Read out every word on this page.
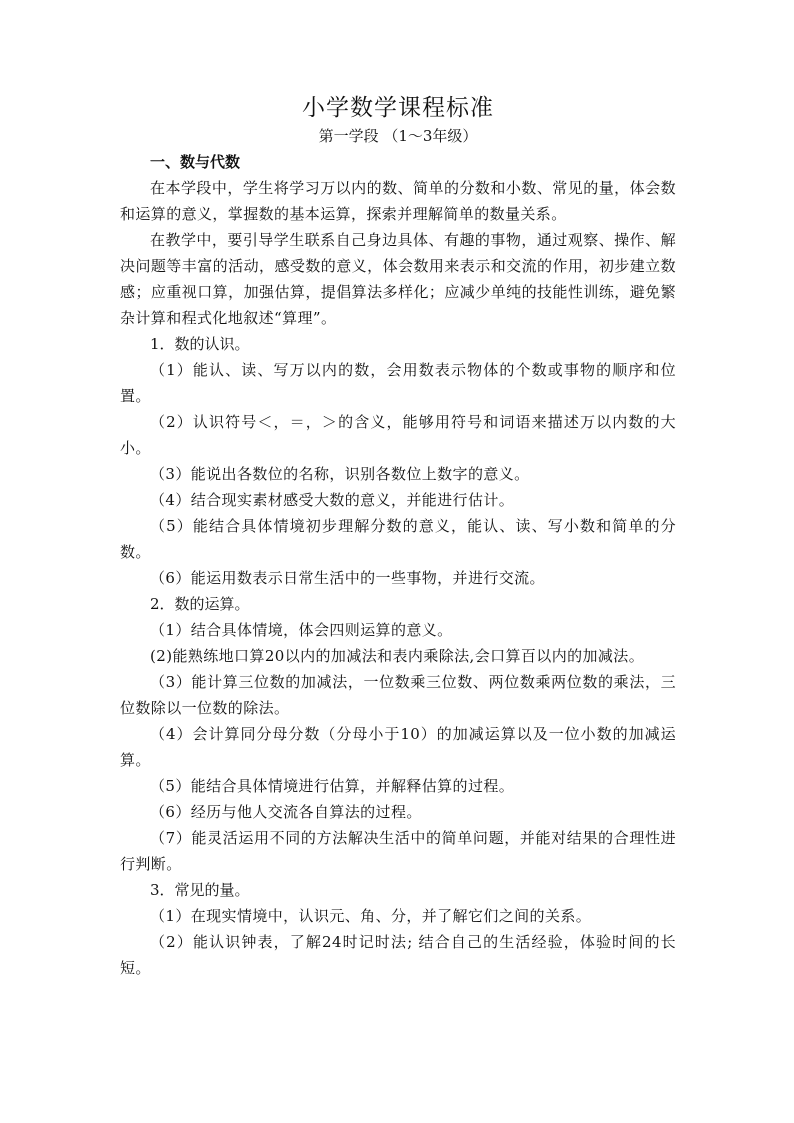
小学数学课程标准
第一学段 （1～3年级）
一、数与代数

在本学段中，学生将学习万以内的数、简单的分数和小数、常见的量，体会数和运算的意义，掌握数的基本运算，探索并理解简单的数量关系。

在教学中，要引导学生联系自己身边具体、有趣的事物，通过观察、操作、解决问题等丰富的活动，感受数的意义，体会数用来表示和交流的作用，初步建立数感；应重视口算，加强估算，提倡算法多样化；应减少单纯的技能性训练，避免繁杂计算和程式化地叙述“算理”。

1．数的认识。

（1）能认、读、写万以内的数，会用数表示物体的个数或事物的顺序和位置。

（2）认识符号＜，＝，＞的含义，能够用符号和词语来描述万以内数的大小。

（3）能说出各数位的名称，识别各数位上数字的意义。

（4）结合现实素材感受大数的意义，并能进行估计。

（5）能结合具体情境初步理解分数的意义，能认、读、写小数和简单的分数。

（6）能运用数表示日常生活中的一些事物，并进行交流。

2．数的运算。

（1）结合具体情境，体会四则运算的意义。

(2)能熟练地口算20以内的加减法和表内乘除法,会口算百以内的加减法。

（3）能计算三位数的加减法，一位数乘三位数、两位数乘两位数的乘法，三位数除以一位数的除法。

（4）会计算同分母分数（分母小于10）的加减运算以及一位小数的加减运算。

（5）能结合具体情境进行估算，并解释估算的过程。

（6）经历与他人交流各自算法的过程。

（7）能灵活运用不同的方法解决生活中的简单问题，并能对结果的合理性进行判断。

3．常见的量。

（1）在现实情境中，认识元、角、分，并了解它们之间的关系。

（2）能认识钟表，了解24时记时法; 结合自己的生活经验，体验时间的长短。
